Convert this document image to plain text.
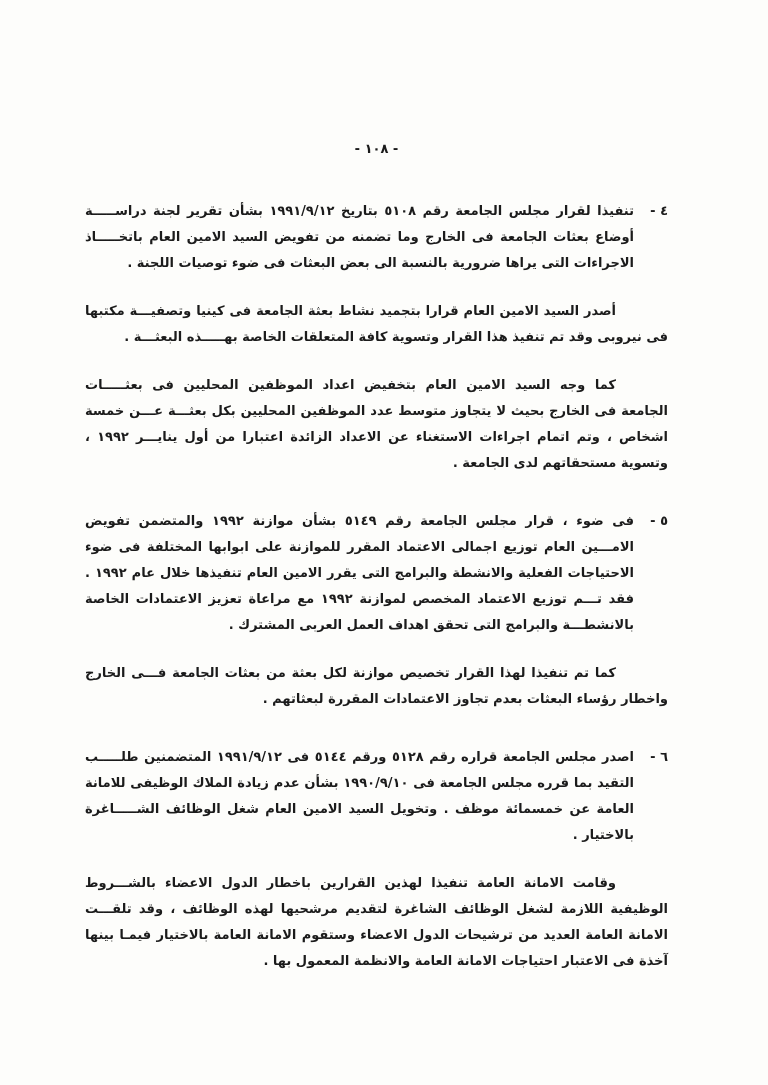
- ١٠٨ -
٤ -

تنفيذا لقرار مجلس الجامعة رقم ٥١٠٨ بتاريخ ١٩٩١/٩/١٢ بشأن تقرير لجنة دراســـــة أوضاع بعثات الجامعة فى الخارج وما تضمنه من تفويض السيد الامين العام باتخـــــاذ الاجراءات التى يراها ضرورية بالنسبة الى بعض البعثات فى ضوء توصيات اللجنة .

أصدر السيد الامين العام قرارا بتجميد نشاط بعثة الجامعة فى كينيا وتصفيـــة مكتبها فى نيروبى وقد تم تنفيذ هذا القرار وتسوية كافة المتعلقات الخاصة بهـــــذه البعثـــة .

كما وجه السيد الامين العام بتخفيض اعداد الموظفين المحليين فى بعثـــــات الجامعة فى الخارج بحيث لا يتجاوز متوسط عدد الموظفين المحليين بكل بعثـــة عـــن خمسة اشخاص ، وتم اتمام اجراءات الاستغناء عن الاعداد الزائدة اعتبارا من أول ينايـــر ١٩٩٢ ، وتسوية مستحقاتهم لدى الجامعة .

٥ -

فى ضوء ، قرار مجلس الجامعة رقم ٥١٤٩ بشأن موازنة ١٩٩٢ والمتضمن تفويض الامـــين العام توزيع اجمالى الاعتماد المقرر للموازنة على ابوابها المختلفة فى ضوء الاحتياجات الفعلية والانشطة والبرامج التى يقرر الامين العام تنفيذها خلال عام ١٩٩٢ . فقد تـــم توزيع الاعتماد المخصص لموازنة ١٩٩٢ مع مراعاة تعزيز الاعتمادات الخاصة بالانشطـــة والبرامج التى تحقق اهداف العمل العربى المشترك .

كما تم تنفيذا لهذا القرار تخصيص موازنة لكل بعثة من بعثات الجامعة فـــى الخارج واخطار رؤساء البعثات بعدم تجاوز الاعتمادات المقررة لبعثاتهم .

٦ -

اصدر مجلس الجامعة قراره رقم ٥١٢٨ ورقم ٥١٤٤ فى ١٩٩١/٩/١٢ المتضمنين طلـــــب التقيد بما قرره مجلس الجامعة فى ١٩٩٠/٩/١٠ بشأن عدم زيادة الملاك الوظيفى للامانة العامة عن خمسمائة موظف . وتخويل السيد الامين العام شغل الوظائف الشـــــاغرة بالاختيار .

وقامت الامانة العامة تنفيذا لهذين القرارين باخطار الدول الاعضاء بالشـــروط الوظيفية اللازمة لشغل الوظائف الشاغرة لتقديم مرشحيها لهذه الوظائف ، وقد تلقـــت الامانة العامة العديد من ترشيحات الدول الاعضاء وستقوم الامانة العامة بالاختيار فيمـا بينها آخذة فى الاعتبار احتياجات الامانة العامة والانظمة المعمول بها .
